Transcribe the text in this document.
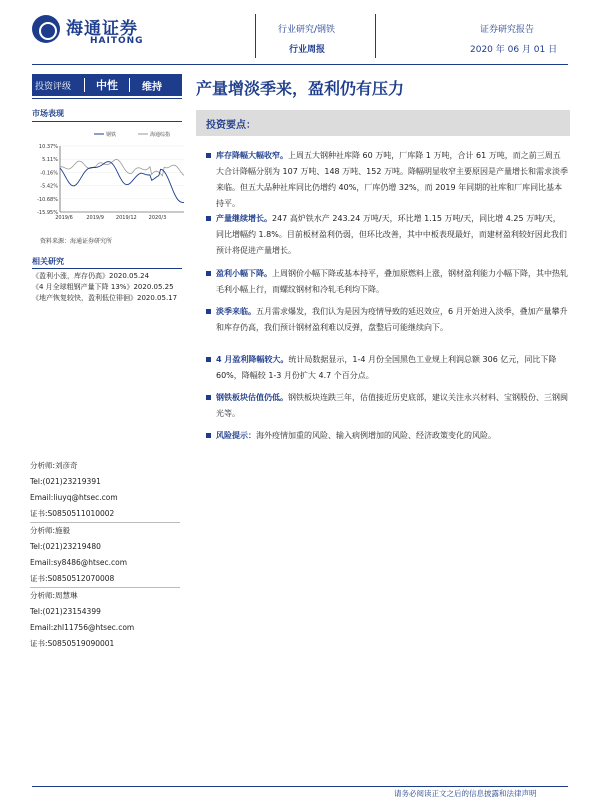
海通证券
HAITONG
行业研究/钢铁
行业周报
证券研究报告
2020 年 06 月 01 日
投资评级	中性	维持 产量增淡季来，盈利仍有压力
市场表现
10.37%
5.11%
-0.16%
-5.42%
-10.68%
-15.95%
2019/6	2019/9 2019/12 2020/3
钢铁	海通综指
资料来源：海通证券研究所
相关研究
《盈利小涨，库存仍高》2020.05.24
《4 月全球粗钢产量下降 13%》2020.05.25
《地产恢复较快，盈利低位徘徊》2020.05.17
分析师:刘彦奇
Tel:(021)23219391
Email:liuyq@htsec.com
证书:S0850511010002
分析师:施毅
Tel:(021)23219480
Email:sy8486@htsec.com
证书:S0850512070008
分析师:周慧琳
Tel:(021)23154399
Email:zhl11756@htsec.com
证书:S0850519090001
投资要点：
库存降幅大幅收窄。上周五大钢种社库降 60 万吨，厂库降 1 万吨，合计 61 万吨，而之前三周五大合计降幅分别为 107 万吨、148 万吨、152 万吨。降幅明显收窄主要原因是产量增长和需求淡季来临。但五大品种社库同比仍增约 40%，厂库仍增 32%，而 2019 年同期的社库和厂库同比基本持平。
产量继续增长。247 高炉铁水产 243.24 万吨/天，环比增 1.15 万吨/天，同比增 4.25 万吨/天，同比增幅约 1.8%。目前板材盈利仍弱，但环比改善，其中中板表现最好，而建材盈利较好因此我们预计将促进产量增长。
盈利小幅下降。上周钢价小幅下降或基本持平，叠加原燃料上涨，钢材盈利能力小幅下降，其中热轧毛利小幅上行，而螺纹钢材和冷轧毛利均下降。
淡季来临。五月需求爆发，我们认为是因为疫情导致的延迟效应，6 月开始进入淡季，叠加产量攀升和库存仍高，我们预计钢材盈利难以反弹，盘整后可能继续向下。
4 月盈利降幅较大。统计局数据显示，1-4 月份全国黑色工业规上利润总额 306 亿元，同比下降 60%，降幅较 1-3 月份扩大 4.7 个百分点。
钢铁板块估值仍低。钢铁板块连跌三年，估值接近历史底部，建议关注永兴材料、宝钢股份、三钢闽光等。
风险提示：海外疫情加重的风险、输入病例增加的风险、经济政策变化的风险。
请务必阅读正文之后的信息披露和法律声明
